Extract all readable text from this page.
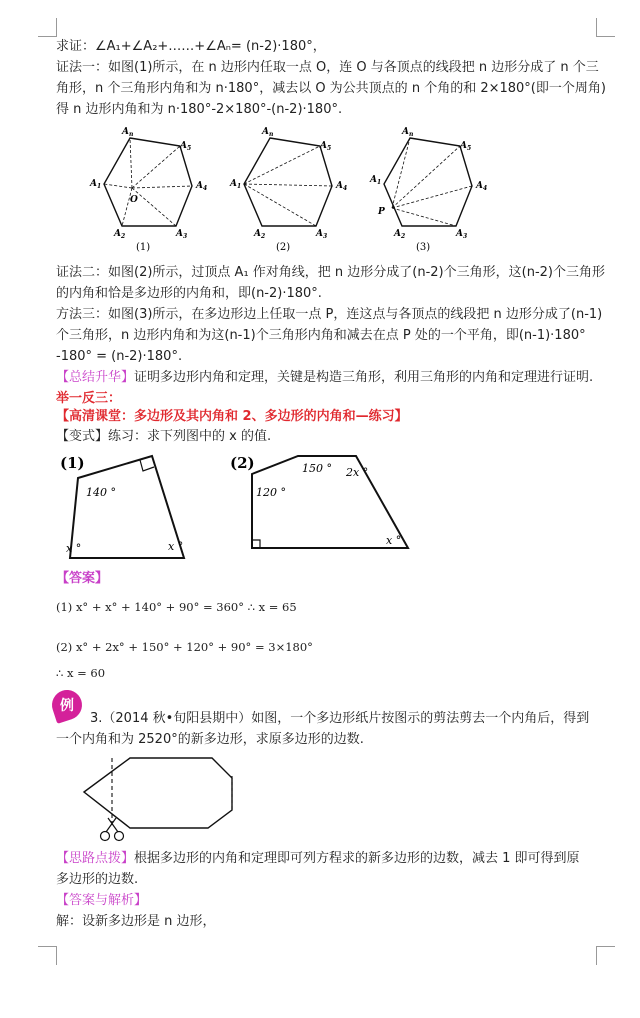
求证：∠A₁+∠A₂+……+∠Aₙ= (n-2)·180°，
证法一：如图(1)所示，在 n 边形内任取一点 O，连 O 与各顶点的线段把 n 边形分成了 n 个三
角形，n 个三角形内角和为 n·180°，减去以 O 为公共顶点的 n 个角的和 2×180°(即一个周角)
得 n 边形内角和为 n·180°-2×180°-(n-2)·180°.
$A_n$
$A_5$
$A_4$
$A_3$
$A_2$
$A_1$
O
(1)
$A_n$
$A_5$
$A_4$
$A_3$
$A_2$
$A_1$
(2)
$A_n$
$A_5$
$A_4$
$A_3$
$A_2$
$A_1$
P
(3)
证法二：如图(2)所示，过顶点 A₁ 作对角线，把 n 边形分成了(n-2)个三角形，这(n-2)个三角形
的内角和恰是多边形的内角和，即(n-2)·180°.
方法三：如图(3)所示，在多边形边上任取一点 P，连这点与各顶点的线段把 n 边形分成了(n-1)
个三角形，n 边形内角和为这(n-1)个三角形内角和减去在点 P 处的一个平角，即(n-1)·180°
-180° = (n-2)·180°.
【总结升华】证明多边形内角和定理，关键是构造三角形，利用三角形的内角和定理进行证明.
举一反三：
【高清课堂：多边形及其内角和 2、多边形的内角和—练习】
【变式】练习：求下列图中的 x 的值.
(1)
140 °
x °	x °
(2)	150 ° 2x °
120 °
x °
【答案】
(1) x° + x° + 140° + 90° = 360° ∴ x = 65
(2) x° + 2x° + 150° + 120° + 90° = 3×180°
∴ x = 60
例
3.（2014 秋•旬阳县期中）如图，一个多边形纸片按图示的剪法剪去一个内角后，得到
一个内角和为 2520°的新多边形，求原多边形的边数.
【思路点拨】根据多边形的内角和定理即可列方程求的新多边形的边数，减去 1 即可得到原
多边形的边数.
【答案与解析】
解：设新多边形是 n 边形，
